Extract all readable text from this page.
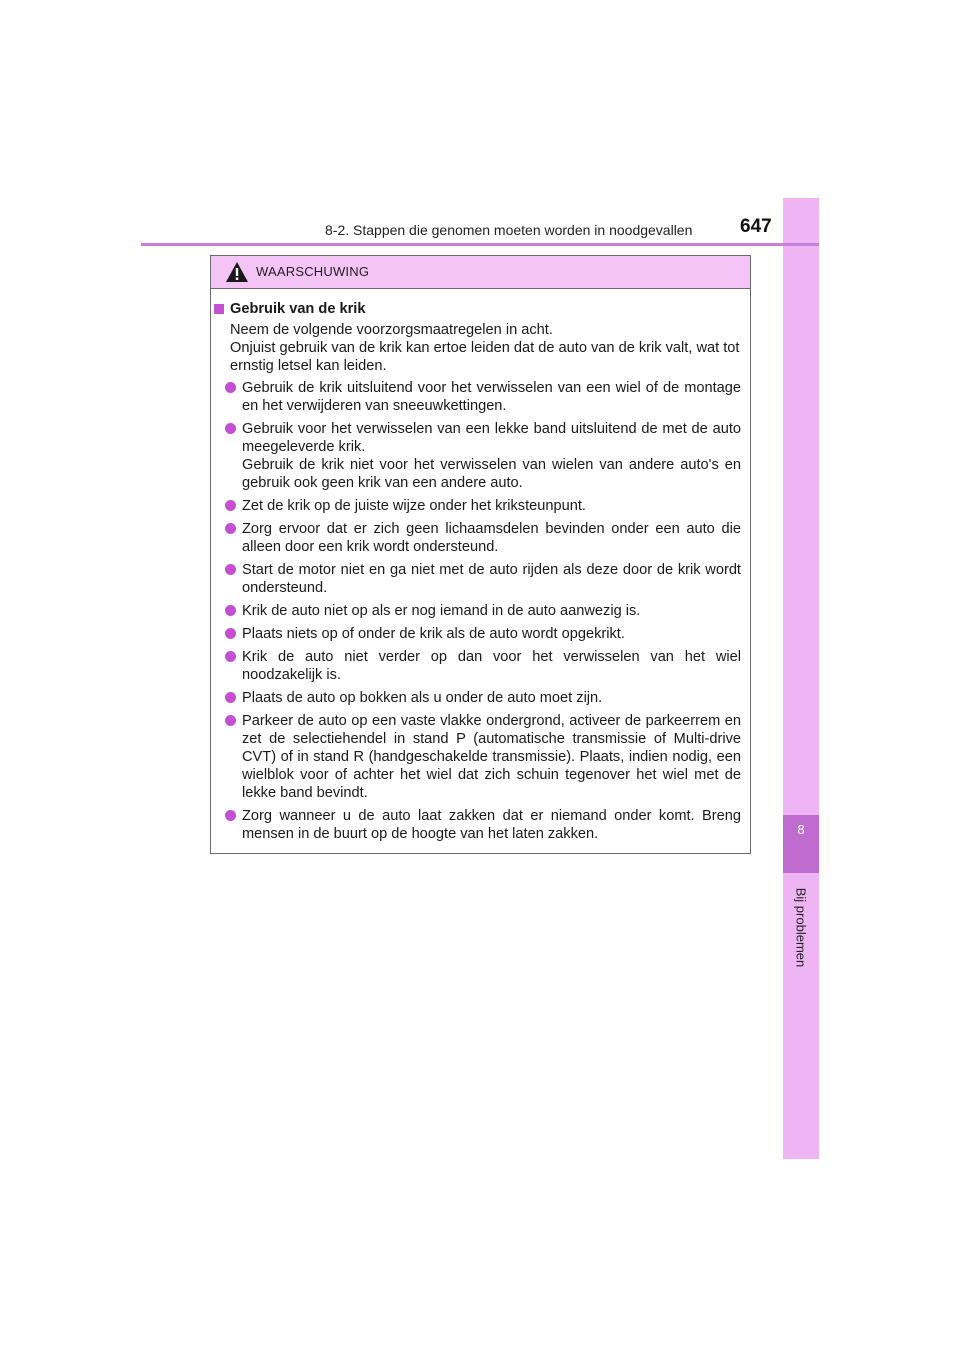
8
Bij problemen
8-2. Stappen die genomen moeten worden in noodgevallen	647
WAARSCHUWING
Gebruik van de krik
Neem de volgende voorzorgsmaatregelen in acht.
Onjuist gebruik van de krik kan ertoe leiden dat de auto van de krik valt, wat tot ernstig letsel kan leiden.

Gebruik de krik uitsluitend voor het verwisselen van een wiel of de montage en het verwijderen van sneeuwkettingen.

Gebruik voor het verwisselen van een lekke band uitsluitend de met de auto meegeleverde krik.

Gebruik de krik niet voor het verwisselen van wielen van andere auto's en gebruik ook geen krik van een andere auto.

Zet de krik op de juiste wijze onder het kriksteunpunt.

Zorg ervoor dat er zich geen lichaamsdelen bevinden onder een auto die alleen door een krik wordt ondersteund.

Start de motor niet en ga niet met de auto rijden als deze door de krik wordt ondersteund.

Krik de auto niet op als er nog iemand in de auto aanwezig is.

Plaats niets op of onder de krik als de auto wordt opgekrikt.

Krik de auto niet verder op dan voor het verwisselen van het wiel noodzakelijk is.

Plaats de auto op bokken als u onder de auto moet zijn.

Parkeer de auto op een vaste vlakke ondergrond, activeer de parkeerrem en zet de selectiehendel in stand P (automatische transmissie of Multi-drive CVT) of in stand R (handgeschakelde transmissie). Plaats, indien nodig, een wielblok voor of achter het wiel dat zich schuin tegenover het wiel met de lekke band bevindt.

Zorg wanneer u de auto laat zakken dat er niemand onder komt. Breng mensen in de buurt op de hoogte van het laten zakken.
